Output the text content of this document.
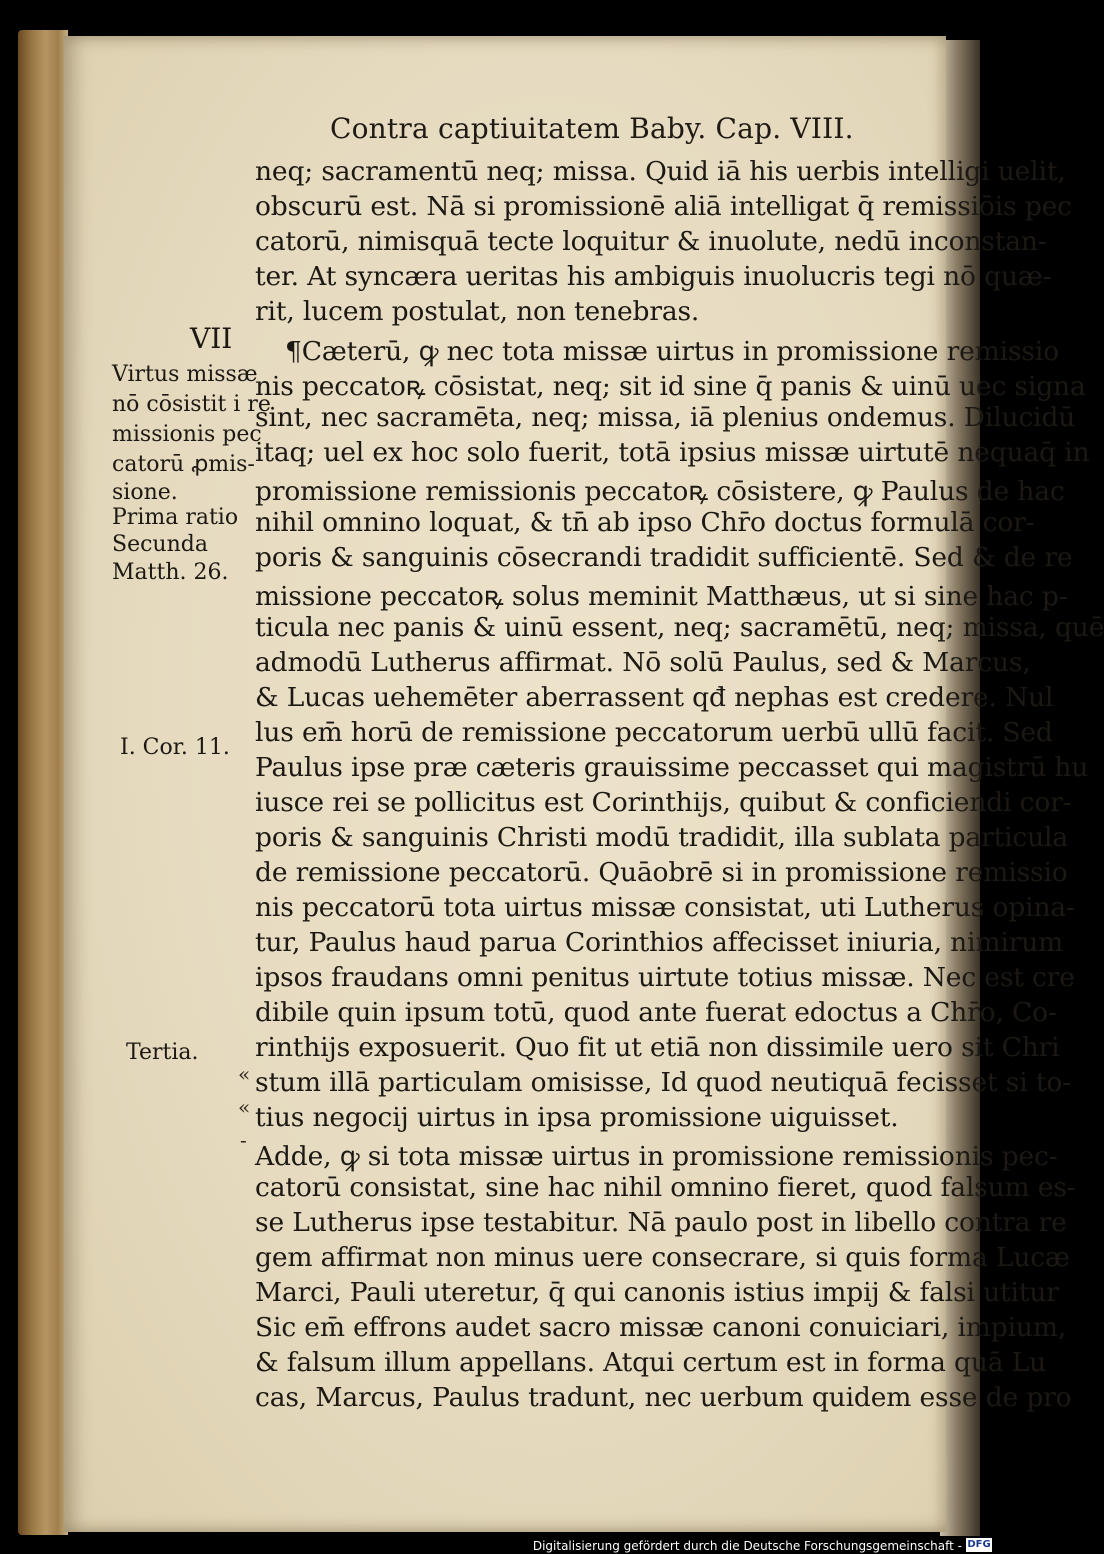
Contra captiuitatem Baby. Cap. VIII.
neq; sacramentū neq; missa. Quid iā his uerbis intelligi uelit,
obscurū est. Nā si promissionē aliā intelligat q̄ remissiōis pec
catorū, nimisquā tecte loquitur & inuolute, nedū inconstan-
ter. At syncæra ueritas his ambiguis inuolucris tegi nō quæ-
rit, lucem postulat, non tenebras.
¶Cæterū, ꝙ nec tota missæ uirtus in promissione remissio
nis peccatoꝶ cōsistat, neq; sit id sine q̄ panis & uinū uec signa
sint, nec sacramēta, neq; missa, iā plenius ondemus. Dilucidū
itaq; uel ex hoc solo fuerit, totā ipsius missæ uirtutē nequaq̄ in
promissione remissionis peccatoꝶ cōsistere, ꝙ Paulus de hac
nihil omnino loquat, & tn̄ ab ipso Chr̄o doctus formulā cor-
poris & sanguinis cōsecrandi tradidit sufficientē. Sed & de re
missione peccatoꝶ solus meminit Matthæus, ut si sine hac p-
ticula nec panis & uinū essent, neq; sacramētū, neq; missa, quē
admodū Lutherus affirmat. Nō solū Paulus, sed & Marcus,
& Lucas uehemēter aberrassent qđ nephas est credere. Nul
lus em̄ horū de remissione peccatorum uerbū ullū facit. Sed
Paulus ipse præ cæteris grauissime peccasset qui magistrū hu
iusce rei se pollicitus est Corinthijs, quibut & conficiendi cor-
poris & sanguinis Christi modū tradidit, illa sublata particula
de remissione peccatorū. Quāobrē si in promissione remissio
nis peccatorū tota uirtus missæ consistat, uti Lutherus opina-
tur, Paulus haud parua Corinthios affecisset iniuria, nimirum
ipsos fraudans omni penitus uirtute totius missæ. Nec est cre
dibile quin ipsum totū, quod ante fuerat edoctus a Chr̄o, Co-
rinthijs exposuerit. Quo fit ut etiā non dissimile uero sit Chri
stum illā particulam omisisse, Id quod neutiquā fecisset si to-
tius negocij uirtus in ipsa promissione uiguisset.
Adde, ꝙ si tota missæ uirtus in promissione remissionis pec-
catorū consistat, sine hac nihil omnino fieret, quod falsum es-
se Lutherus ipse testabitur. Nā paulo post in libello contra re
gem affirmat non minus uere consecrare, si quis forma Lucæ
Marci, Pauli uteretur, q̄ qui canonis istius impij & falsi utitur
Sic em̄ effrons audet sacro missæ canoni conuiciari, impium,
& falsum illum appellans. Atqui certum est in forma quā Lu
cas, Marcus, Paulus tradunt, nec uerbum quidem esse de pro
VII
Virtus missæ
nō cōsistit i re
missionis pec
catorū ꝓmis-
sione.
Prima ratio
Secunda
Matth. 26.
I. Cor. 11.
Tertia.
«
«
-
Digitalisierung gefördert durch die Deutsche Forschungsgemeinschaft - DFG
